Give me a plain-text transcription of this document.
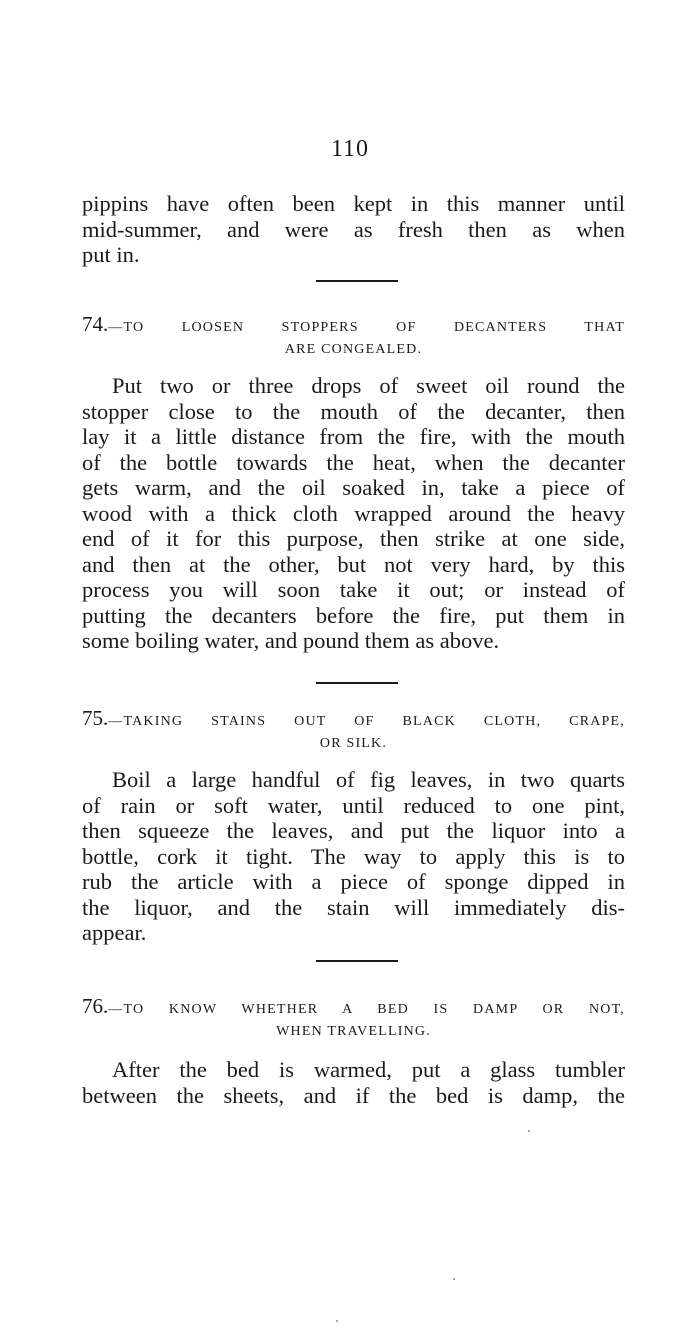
110
pippins have often been kept in this manner until
mid-summer, and were as fresh then as when
put in.
74.—TO LOOSEN STOPPERS OF DECANTERS THAT
ARE CONGEALED.
Put two or three drops of sweet oil round the
stopper close to the mouth of the decanter, then
lay it a little distance from the fire, with the mouth
of the bottle towards the heat, when the decanter
gets warm, and the oil soaked in, take a piece of
wood with a thick cloth wrapped around the heavy
end of it for this purpose, then strike at one side,
and then at the other, but not very hard, by this
process you will soon take it out; or instead of
putting the decanters before the fire, put them in
some boiling water, and pound them as above.
75.—TAKING STAINS OUT OF BLACK CLOTH, CRAPE,
OR SILK.
Boil a large handful of fig leaves, in two quarts
of rain or soft water, until reduced to one pint,
then squeeze the leaves, and put the liquor into a
bottle, cork it tight. The way to apply this is to
rub the article with a piece of sponge dipped in
the liquor, and the stain will immediately dis-
appear.
76.—TO KNOW WHETHER A BED IS DAMP OR NOT,
WHEN TRAVELLING.
After the bed is warmed, put a glass tumbler
between the sheets, and if the bed is damp, the
